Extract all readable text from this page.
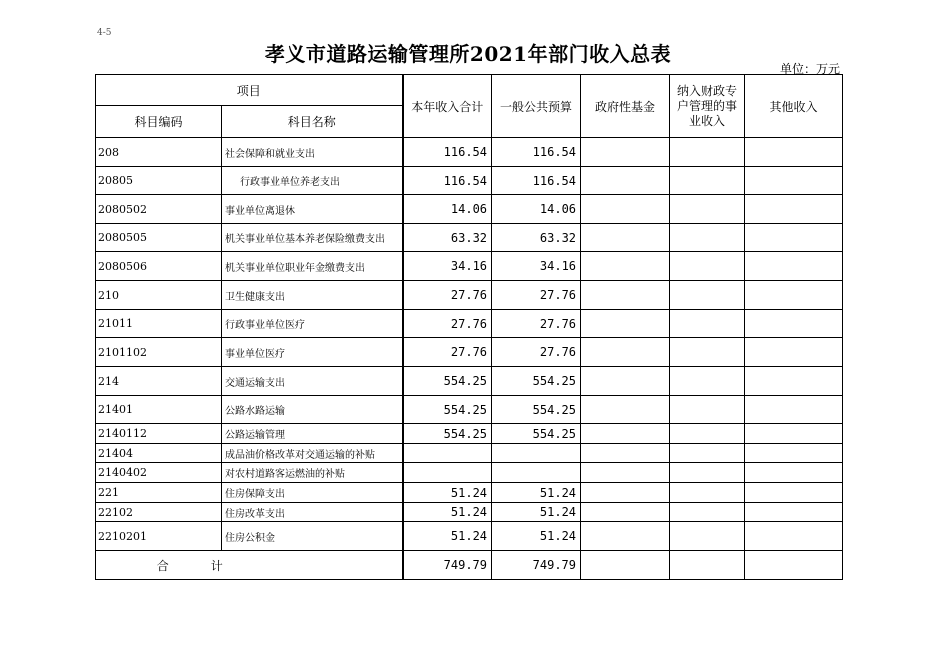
4-5
孝义市道路运输管理所2021年部门收入总表
单位：万元
项目		本年收入合计	一般公共预算	政府性基金	纳入财政专户管理的事业收入	其他收入
科目编码	科目名称					
208	社会保障和就业支出	116.54	116.54			
20805	行政事业单位养老支出	116.54	116.54			
2080502	事业单位离退休	14.06	14.06			
2080505	机关事业单位基本养老保险缴费支出	63.32	63.32			
2080506	机关事业单位职业年金缴费支出	34.16	34.16			
210	卫生健康支出	27.76	27.76			
21011	行政事业单位医疗	27.76	27.76			
2101102	事业单位医疗	27.76	27.76			
214	交通运输支出	554.25	554.25			
21401	公路水路运输	554.25	554.25			
2140112	公路运输管理	554.25	554.25			
21404	成品油价格改革对交通运输的补贴					
2140402	对农村道路客运燃油的补贴					
221	住房保障支出	51.24	51.24			
22102	住房改革支出	51.24	51.24			
2210201	住房公积金	51.24	51.24			
合 计		749.79	749.79			
